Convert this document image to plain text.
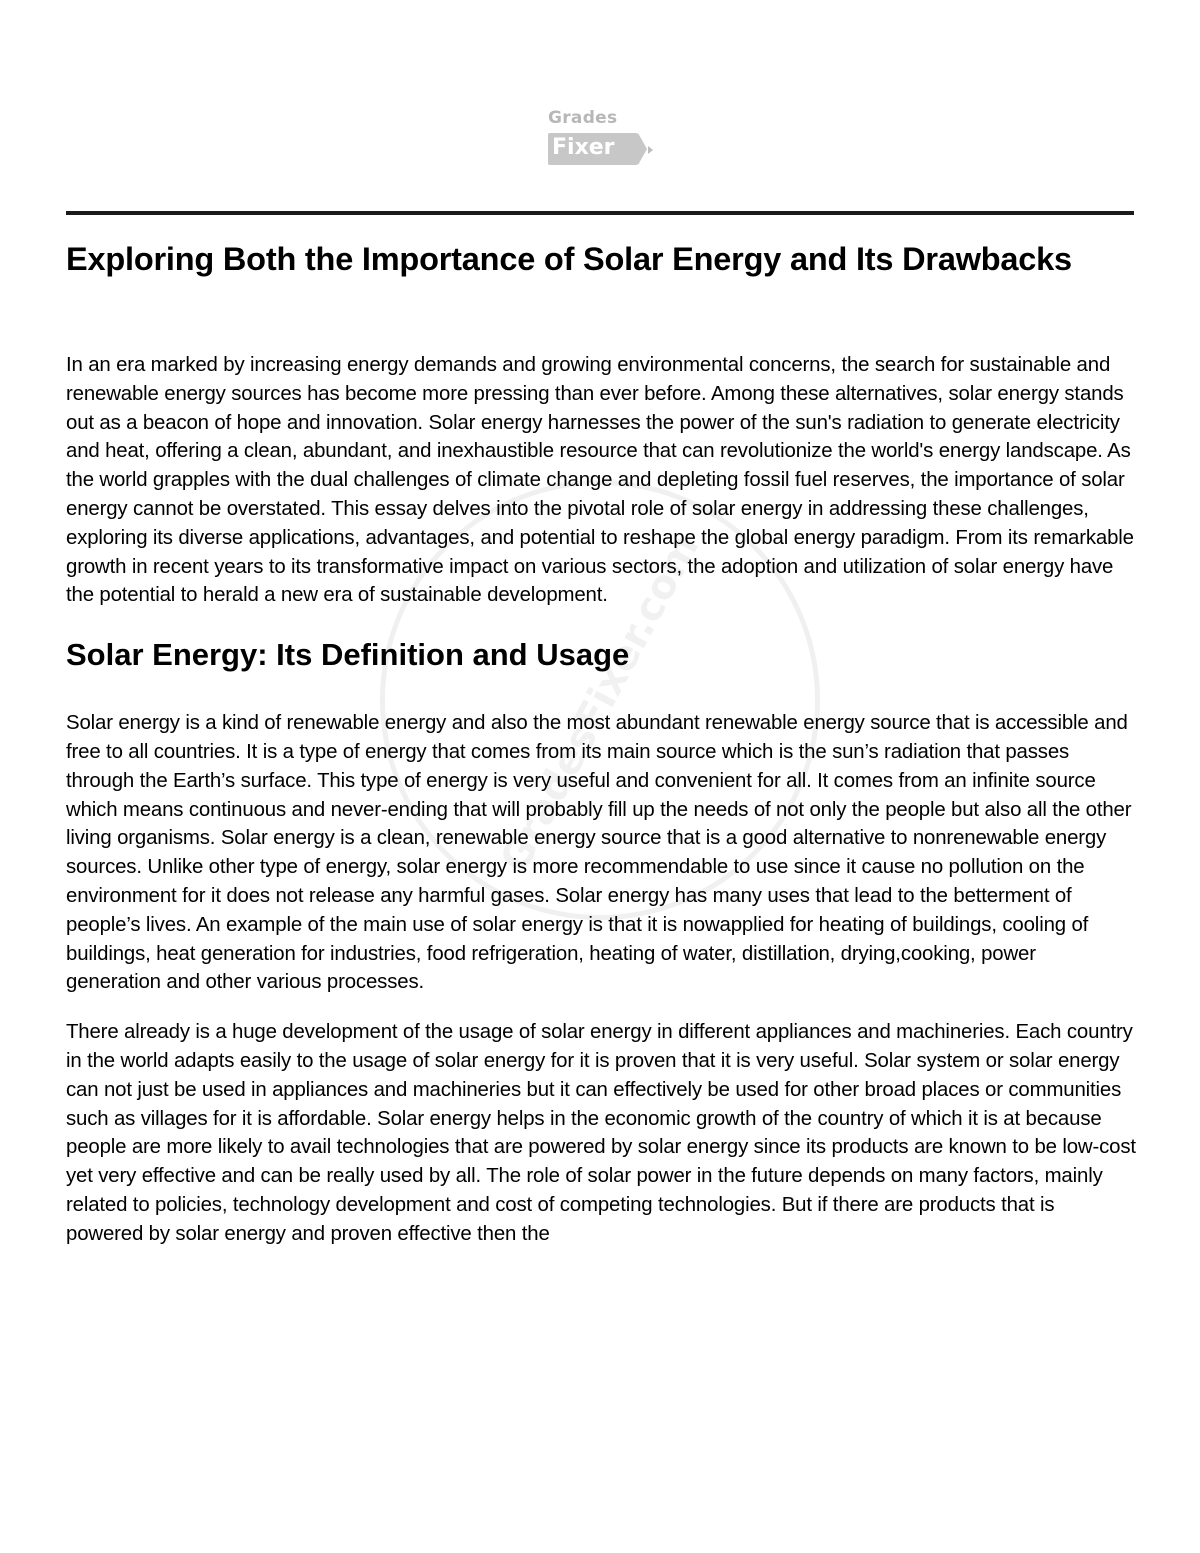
Grades
Fixer
GradesFixer.com
Exploring Both the Importance of Solar Energy and Its Drawbacks

In an era marked by increasing energy demands and growing environmental concerns, the search for sustainable and renewable energy sources has become more pressing than ever before. Among these alternatives, solar energy stands out as a beacon of hope and innovation. Solar energy harnesses the power of the sun's radiation to generate electricity and heat, offering a clean, abundant, and inexhaustible resource that can revolutionize the world's energy landscape. As the world grapples with the dual challenges of climate change and depleting fossil fuel reserves, the importance of solar energy cannot be overstated. This essay delves into the pivotal role of solar energy in addressing these challenges, exploring its diverse applications, advantages, and potential to reshape the global energy paradigm. From its remarkable growth in recent years to its transformative impact on various sectors, the adoption and utilization of solar energy have the potential to herald a new era of sustainable development.

Solar Energy: Its Definition and Usage

Solar energy is a kind of renewable energy and also the most abundant renewable energy source that is accessible and free to all countries. It is a type of energy that comes from its main source which is the sun’s radiation that passes through the Earth’s surface. This type of energy is very useful and convenient for all. It comes from an infinite source which means continuous and never-ending that will probably fill up the needs of not only the people but also all the other living organisms. Solar energy is a clean, renewable energy source that is a good alternative to nonrenewable energy sources. Unlike other type of energy, solar energy is more recommendable to use since it cause no pollution on the environment for it does not release any harmful gases. Solar energy has many uses that lead to the betterment of people’s lives. An example of the main use of solar energy is that it is nowapplied for heating of buildings, cooling of buildings, heat generation for industries, food refrigeration, heating of water, distillation, drying,cooking, power generation and other various processes.

There already is a huge development of the usage of solar energy in different appliances and machineries. Each country in the world adapts easily to the usage of solar energy for it is proven that it is very useful. Solar system or solar energy can not just be used in appliances and machineries but it can effectively be used for other broad places or communities such as villages for it is affordable. Solar energy helps in the economic growth of the country of which it is at because people are more likely to avail technologies that are powered by solar energy since its products are known to be low-cost yet very effective and can be really used by all. The role of solar power in the future depends on many factors, mainly related to policies, technology development and cost of competing technologies. But if there are products that is powered by solar energy and proven effective then the
